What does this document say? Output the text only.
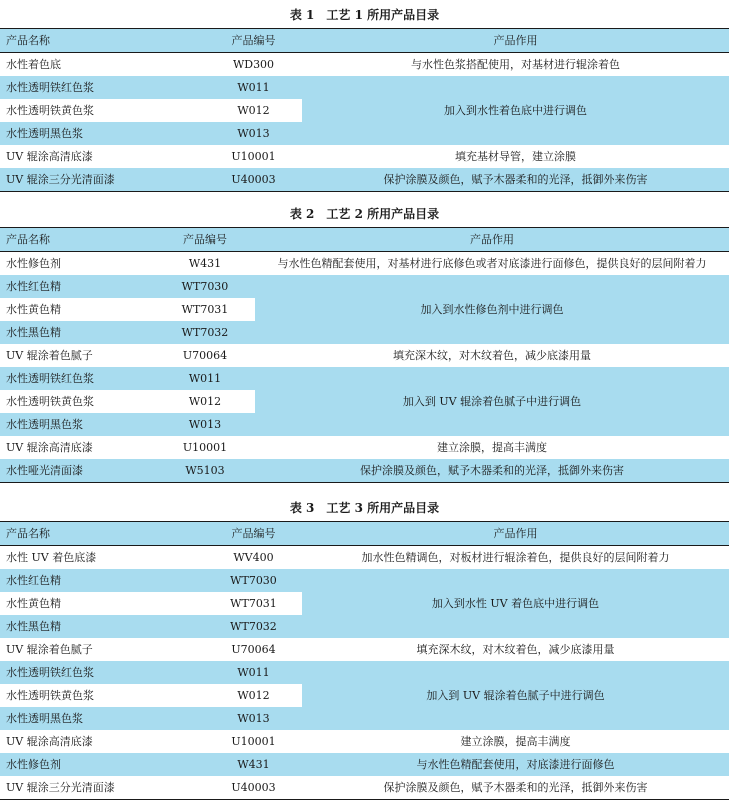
表 1　工艺 1 所用产品目录
产品名称	产品编号	产品作用
水性着色底	WD300	与水性色浆搭配使用，对基材进行辊涂着色
水性透明铁红色浆	W011	加入到水性着色底中进行调色
水性透明铁黄色浆	W012	
水性透明黑色浆	W013	
UV 辊涂高清底漆	U10001	填充基材导管，建立涂膜
UV 辊涂三分光清面漆	U40003	保护涂膜及颜色，赋予木器柔和的光泽，抵御外来伤害
表 2　工艺 2 所用产品目录
产品名称	产品编号	产品作用
水性修色剂	W431	与水性色精配套使用，对基材进行底修色或者对底漆进行面修色，提供良好的层间附着力
水性红色精	WT7030	加入到水性修色剂中进行调色
水性黄色精	WT7031	
水性黑色精	WT7032	
UV 辊涂着色腻子	U70064	填充深木纹，对木纹着色，减少底漆用量
水性透明铁红色浆	W011	加入到 UV 辊涂着色腻子中进行调色
水性透明铁黄色浆	W012	
水性透明黑色浆	W013	
UV 辊涂高清底漆	U10001	建立涂膜，提高丰满度
水性哑光清面漆	W5103	保护涂膜及颜色，赋予木器柔和的光泽，抵御外来伤害
表 3　工艺 3 所用产品目录
产品名称	产品编号	产品作用
水性 UV 着色底漆	WV400	加水性色精调色，对板材进行辊涂着色，提供良好的层间附着力
水性红色精	WT7030	加入到水性 UV 着色底中进行调色
水性黄色精	WT7031	
水性黑色精	WT7032	
UV 辊涂着色腻子	U70064	填充深木纹，对木纹着色，减少底漆用量
水性透明铁红色浆	W011	加入到 UV 辊涂着色腻子中进行调色
水性透明铁黄色浆	W012	
水性透明黑色浆	W013	
UV 辊涂高清底漆	U10001	建立涂膜，提高丰满度
水性修色剂	W431	与水性色精配套使用，对底漆进行面修色
UV 辊涂三分光清面漆	U40003	保护涂膜及颜色，赋予木器柔和的光泽，抵御外来伤害
